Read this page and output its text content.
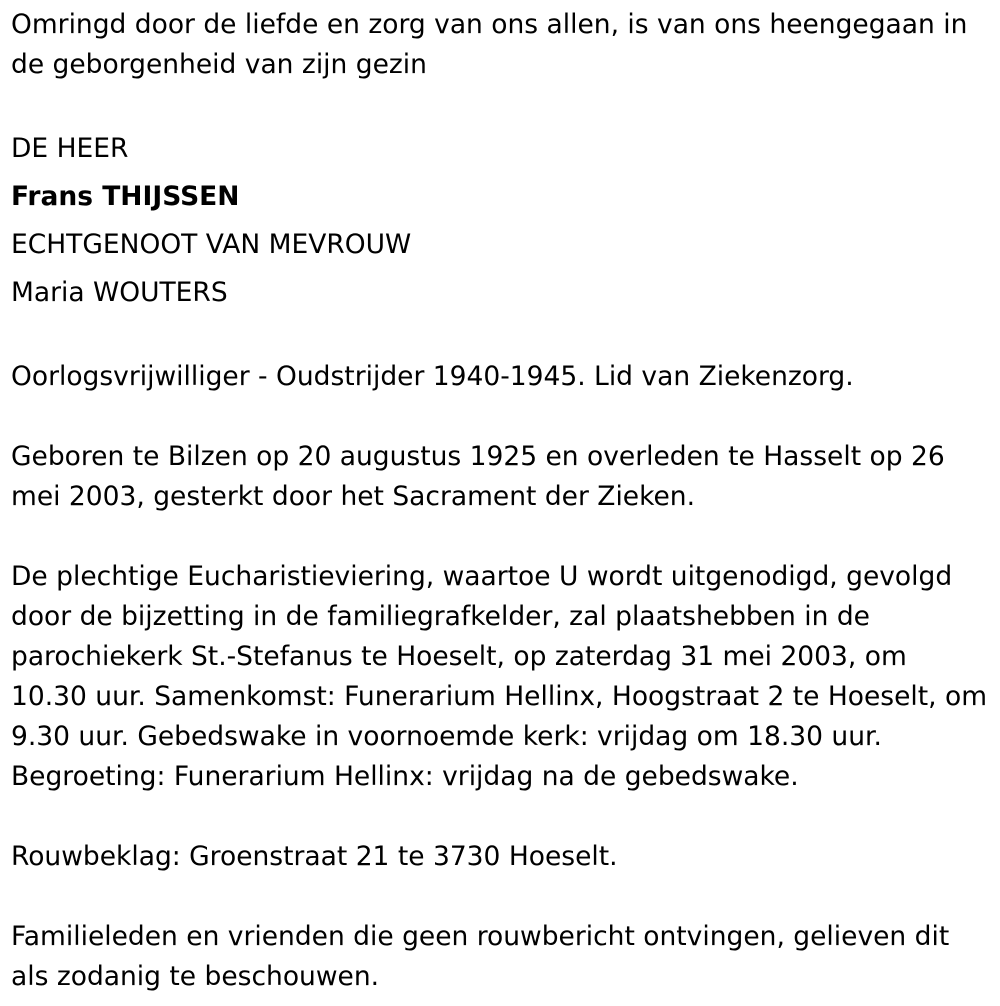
Omringd door de liefde en zorg van ons allen, is van ons heengegaan in de geborgenheid van zijn gezin

DE HEER

Frans THIJSSEN

ECHTGENOOT VAN MEVROUW

Maria WOUTERS

Oorlogsvrijwilliger - Oudstrijder 1940-1945. Lid van Ziekenzorg.

Geboren te Bilzen op 20 augustus 1925 en overleden te Hasselt op 26 mei 2003, gesterkt door het Sacrament der Zieken.

De plechtige Eucharistieviering, waartoe U wordt uitgenodigd, gevolgd door de bijzetting in de familiegrafkelder, zal plaatshebben in de parochiekerk St.-Stefanus te Hoeselt, op zaterdag 31 mei 2003, om 10.30 uur. Samenkomst: Funerarium Hellinx, Hoogstraat 2 te Hoeselt, om 9.30 uur. Gebedswake in voornoemde kerk: vrijdag om 18.30 uur. Begroeting: Funerarium Hellinx: vrijdag na de gebedswake.

Rouwbeklag: Groenstraat 21 te 3730 Hoeselt.

Familieleden en vrienden die geen rouwbericht ontvingen, gelieven dit als zodanig te beschouwen.
